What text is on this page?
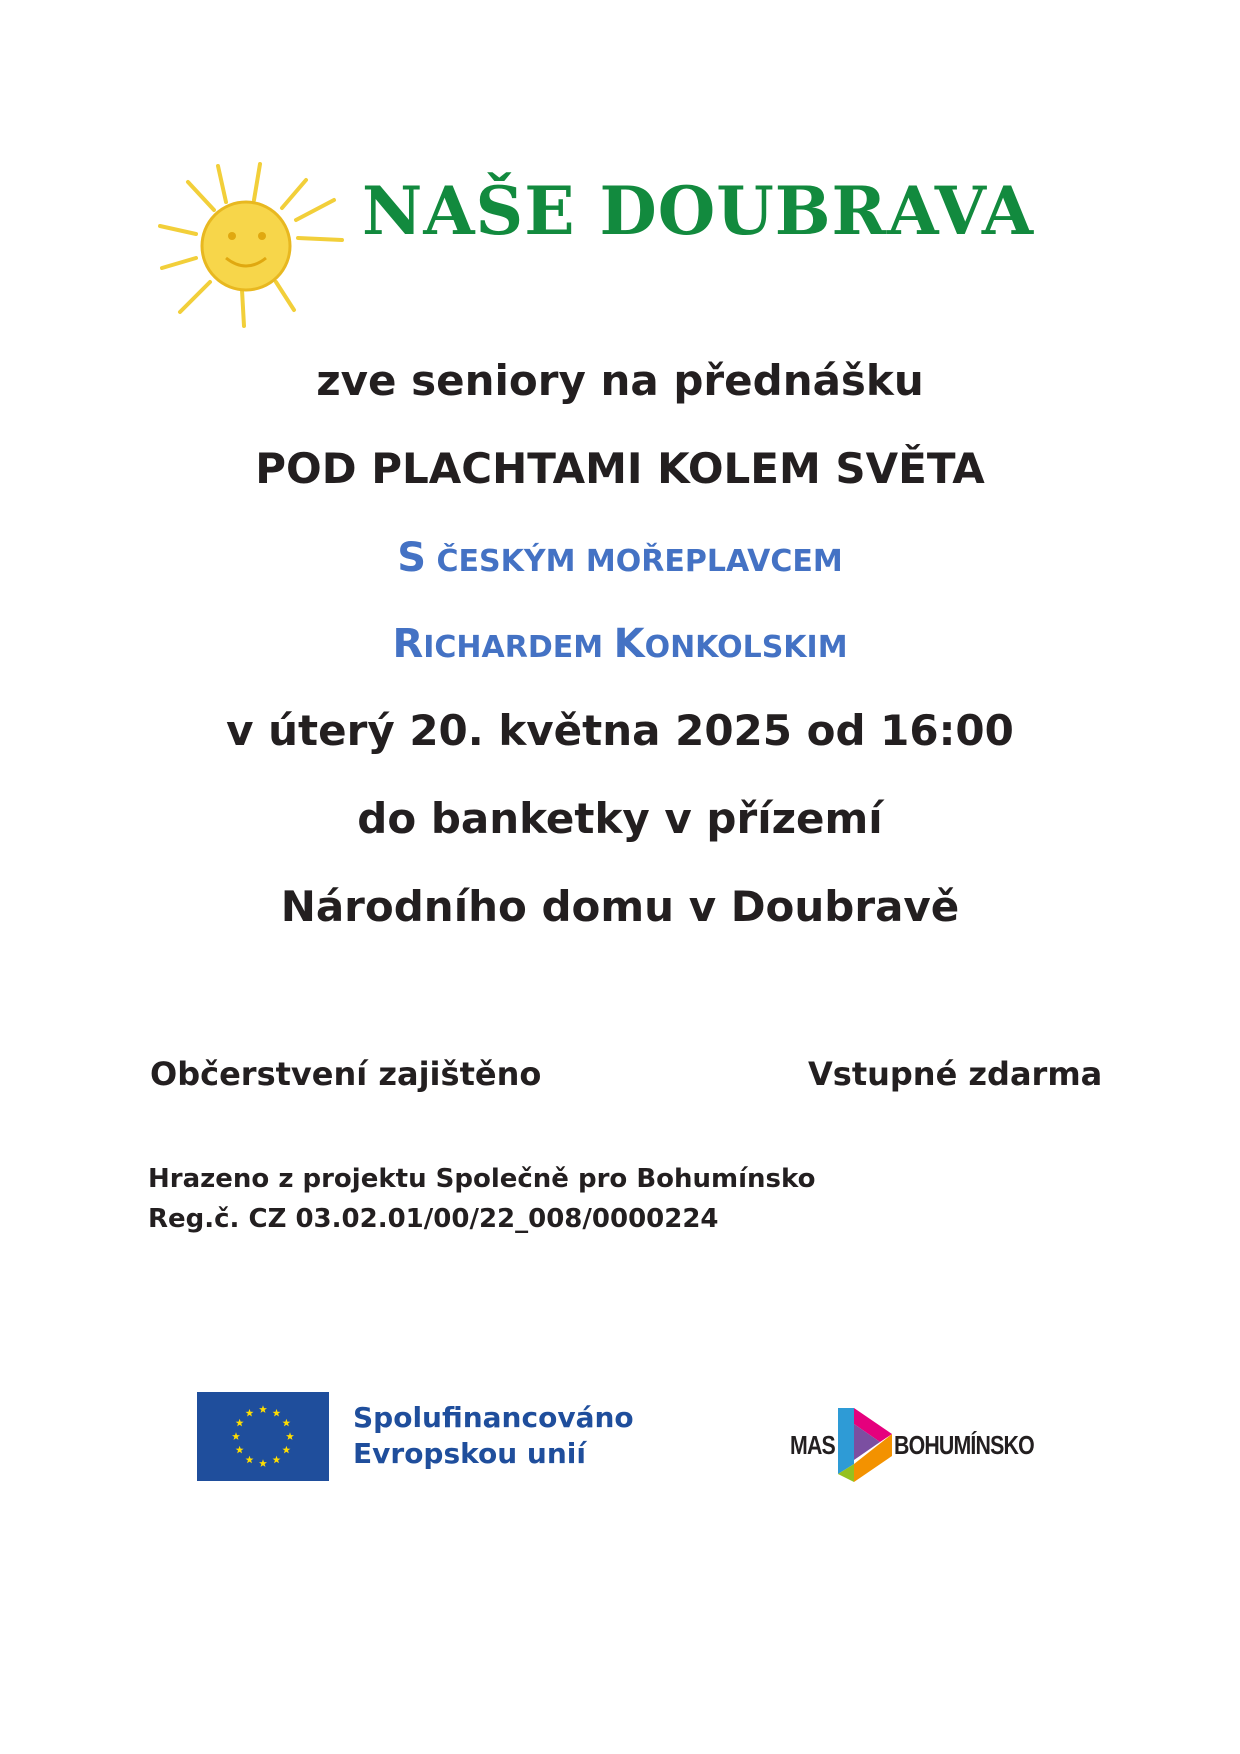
NAŠE DOUBRAVA

zve seniory na přednášku

POD PLACHTAMI KOLEM SVĚTA

S ČESKÝM MOŘEPLAVCEM

RICHARDEM KONKOLSKIM

v úterý 20. května 2025 od 16:00

do banketky v přízemí

Národního domu v Doubravě

Občerstvení zajištěno	Vstupné zdarma
Hrazeno z projektu Společně pro Bohumínsko
Reg.č. CZ 03.02.01/00/22_008/0000224
Spolufinancováno
Evropskou unií	MAS BOHUMÍNSKO
